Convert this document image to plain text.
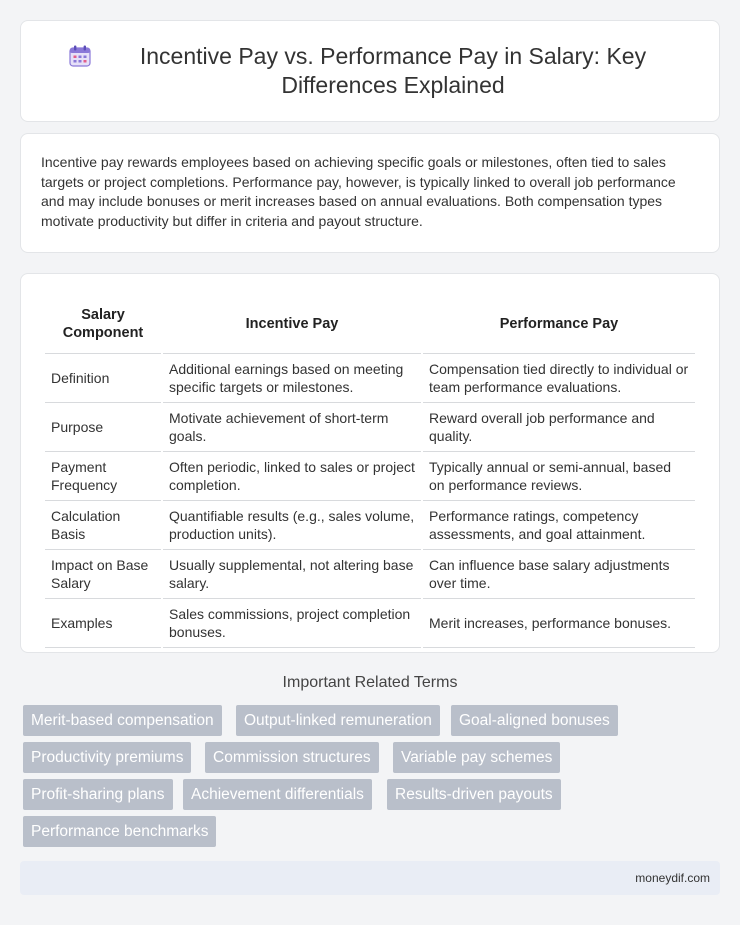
Incentive Pay vs. Performance Pay in Salary: Key Differences Explained

Incentive pay rewards employees based on achieving specific goals or milestones, often tied to sales targets or project completions. Performance pay, however, is typically linked to overall job performance and may include bonuses or merit increases based on annual evaluations. Both compensation types motivate productivity but differ in criteria and payout structure.

Salary Component	Incentive Pay	Performance Pay
Definition	Additional earnings based on meeting specific targets or milestones.	Compensation tied directly to individual or team performance evaluations.
Purpose	Motivate achievement of short-term goals.	Reward overall job performance and quality.
Payment Frequency	Often periodic, linked to sales or project completion.	Typically annual or semi-annual, based on performance reviews.
Calculation Basis	Quantifiable results (e.g., sales volume, production units).	Performance ratings, competency assessments, and goal attainment.
Impact on Base Salary	Usually supplemental, not altering base salary.	Can influence base salary adjustments over time.
Examples	Sales commissions, project completion bonuses.	Merit increases, performance bonuses.
Important Related Terms
Merit-based compensation	Output-linked remuneration	Goal-aligned bonuses
Productivity premiums	Commission structures	Variable pay schemes
Profit-sharing plans	Achievement differentials	Results-driven payouts
Performance benchmarks
moneydif.com
